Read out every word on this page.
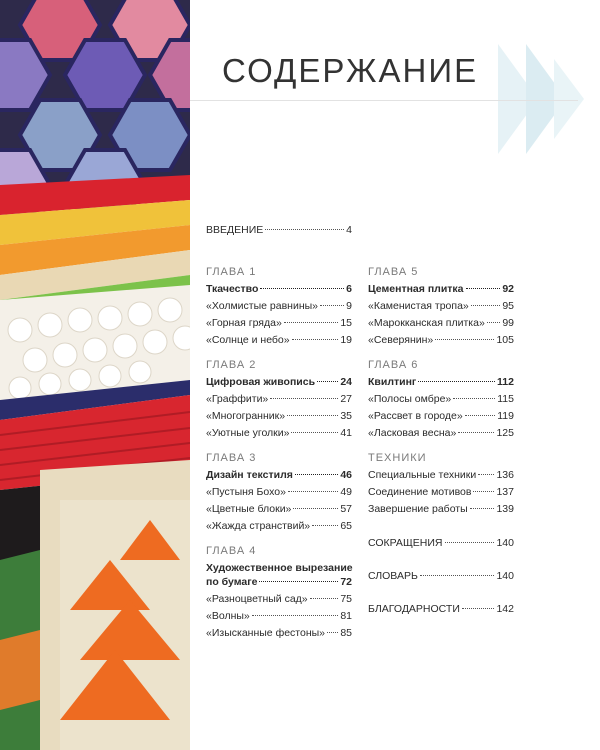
СОДЕРЖАНИЕ
ВВЕДЕНИЕ	4
ГЛАВА 1
Ткачество	6
«Холмистые равнины»	9
«Горная гряда»	15
«Солнце и небо»	19
ГЛАВА 2
Цифровая живопись 24
«Граффити»	27
«Многогранник»	35
«Уютные уголки»	41
ГЛАВА 3
Дизайн текстиля	46
«Пустыня Бохо»	49
«Цветные блоки»	57
«Жажда странствий»	65
ГЛАВА 4
Художественное вырезание
по бумаге	72
«Разноцветный сад»	75
«Волны»	81
«Изысканные фестоны» 85
ГЛАВА 5
Цементная плитка	92
«Каменистая тропа»	95
«Марокканская плитка» 99
«Северянин»	105
ГЛАВА 6
Квилтинг	112
«Полосы омбре»	115
«Рассвет в городе»	119
«Ласковая весна»	125
ТЕХНИКИ
Специальные техники 136
Соединение мотивов 137
Завершение работы	139
СОКРАЩЕНИЯ	140
СЛОВАРЬ	140
БЛАГОДАРНОСТИ	142
